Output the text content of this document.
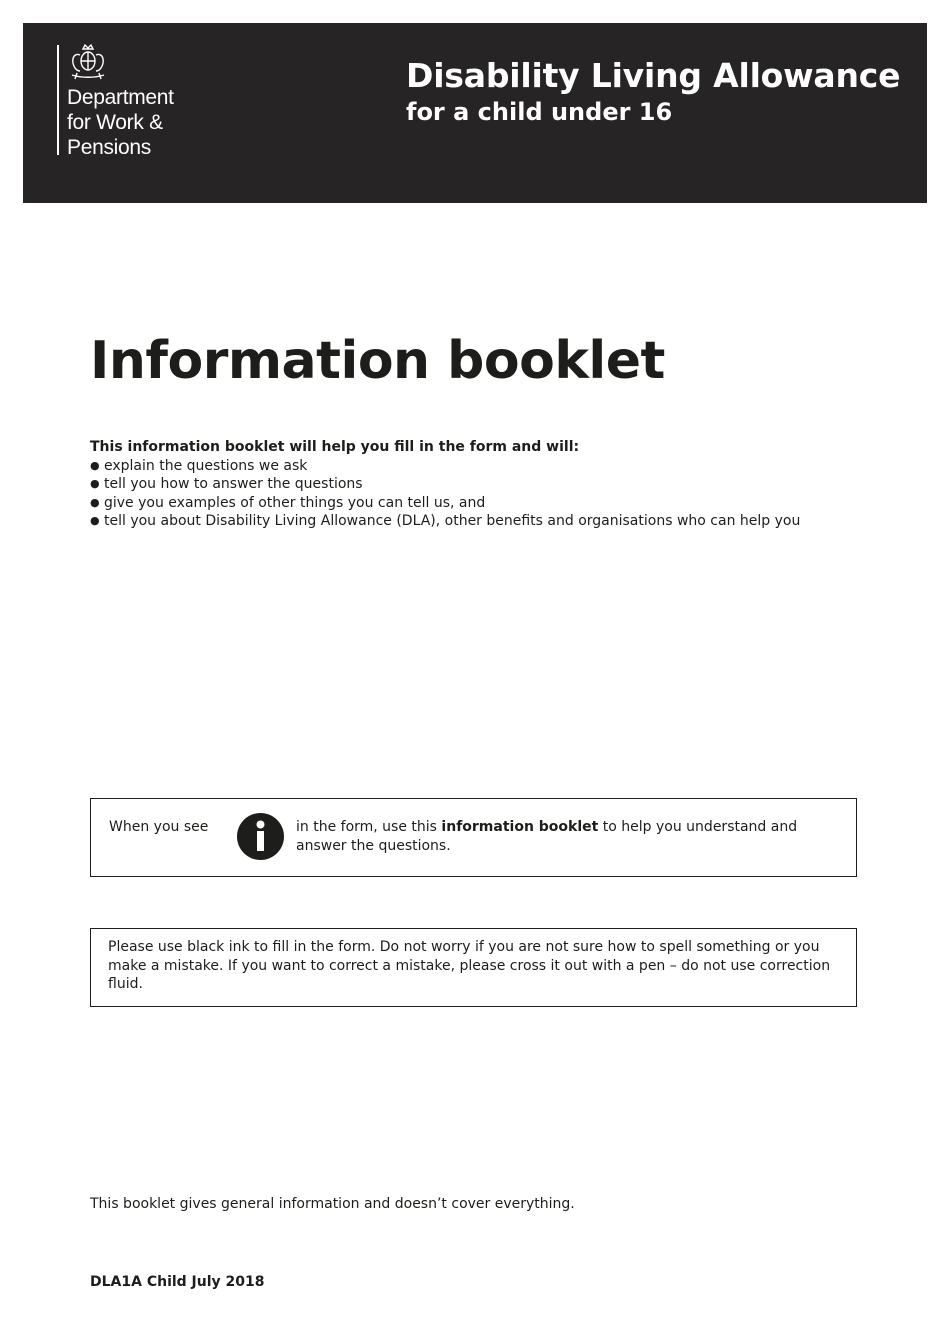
Department
for Work &
Pensions

Disability Living Allowance
for a child under 16
Information booklet

This information booklet will help you fill in the form and will:

● explain the questions we ask
● tell you how to answer the questions
● give you examples of other things you can tell us, and
● tell you about Disability Living Allowance (DLA), other benefits and organisations who can help you
When you see	in the form, use this information booklet to help you understand and answer the questions.

Please use black ink to fill in the form. Do not worry if you are not sure how to spell something or you make a mistake. If you want to correct a mistake, please cross it out with a pen – do not use correction fluid.

This booklet gives general information and doesn’t cover everything.

DLA1A Child July 2018
